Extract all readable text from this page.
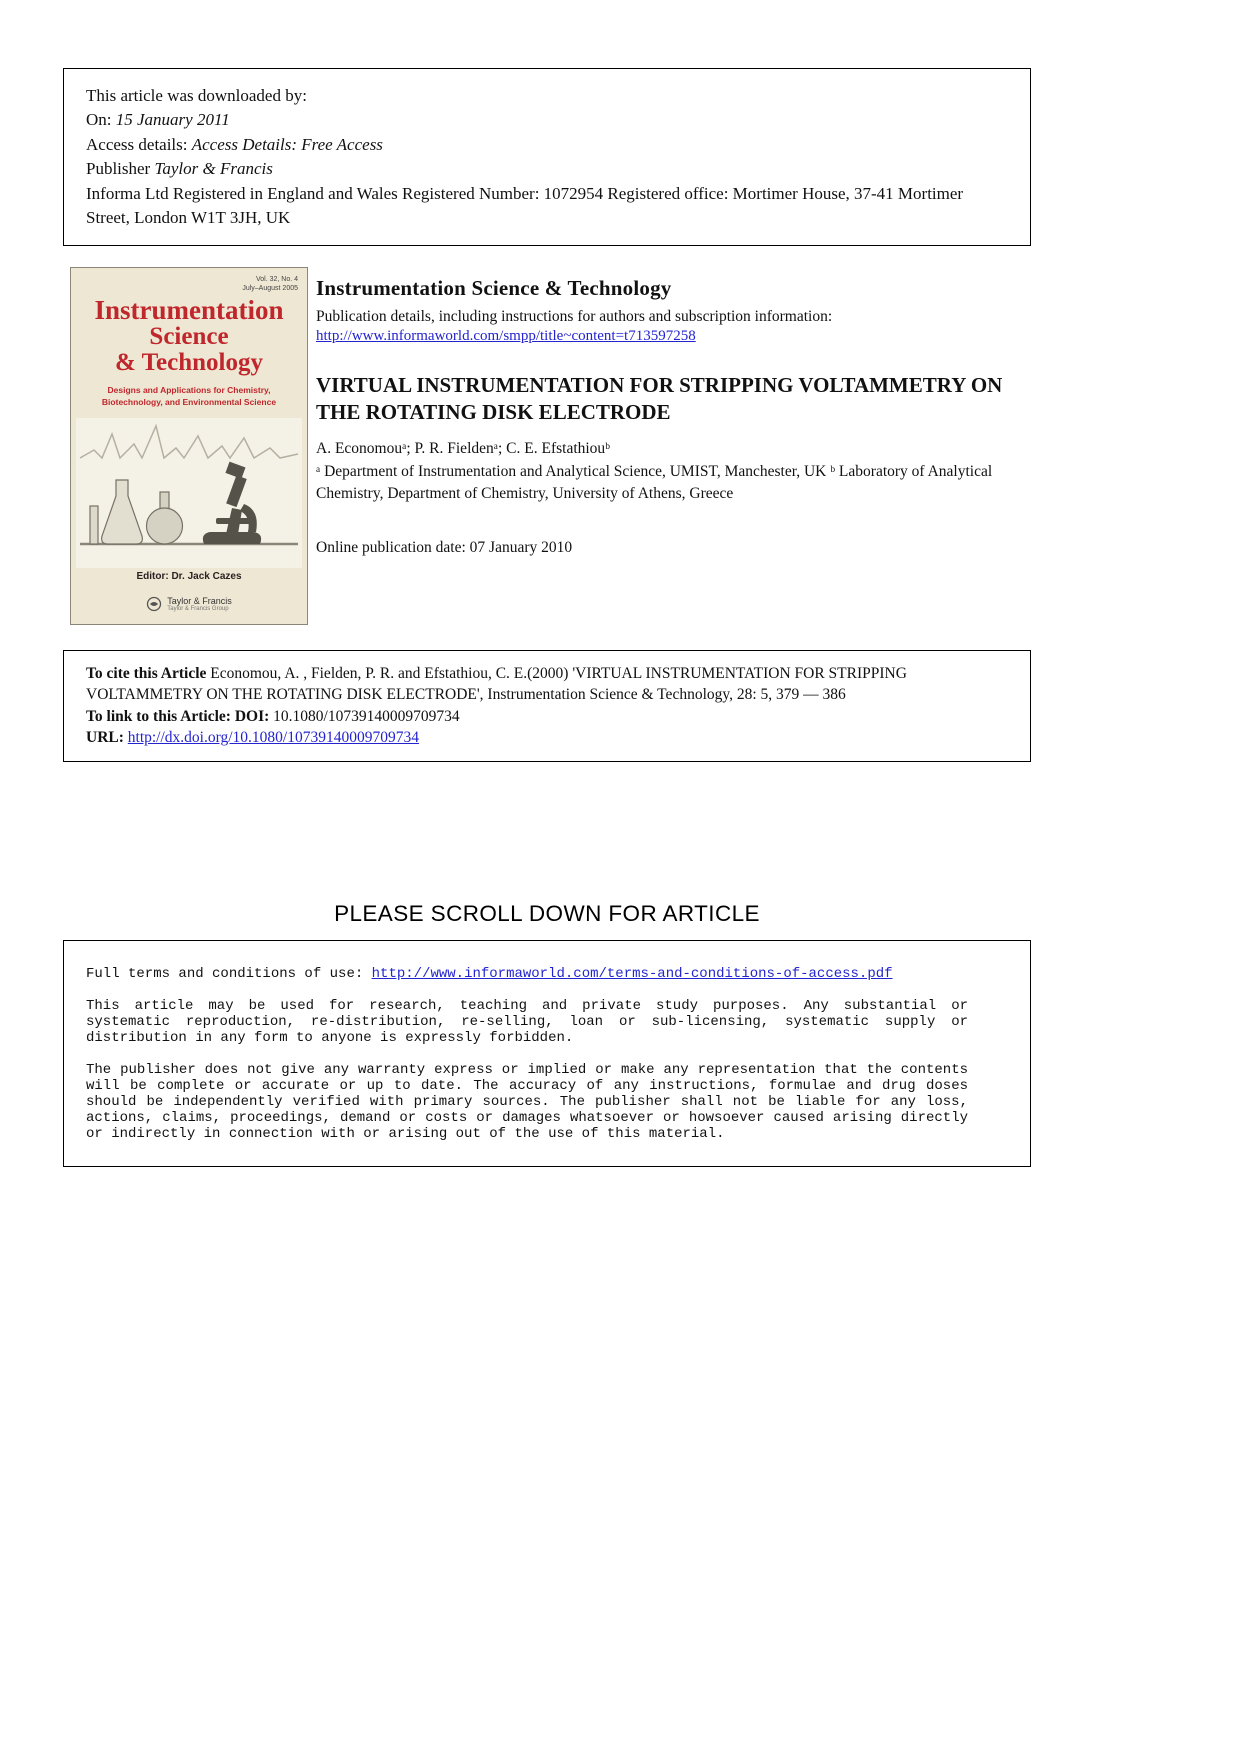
This article was downloaded by:

On: 15 January 2011

Access details: Access Details: Free Access

Publisher Taylor & Francis

Informa Ltd Registered in England and Wales Registered Number: 1072954 Registered office: Mortimer House, 37-41 Mortimer Street, London W1T 3JH, UK

Vol. 32, No. 4
July–August 2005
Instrumentation
Science
& Technology
Designs and Applications for Chemistry,
Biotechnology, and Environmental Science
Editor: Dr. Jack Cazes
Taylor & Francis
Taylor & Francis Group
Instrumentation Science & Technology

Publication details, including instructions for authors and subscription information:

http://www.informaworld.com/smpp/title~content=t713597258

VIRTUAL INSTRUMENTATION FOR STRIPPING VOLTAMMETRY ON THE ROTATING DISK ELECTRODE

A. Economouᵃ; P. R. Fieldenᵃ; C. E. Efstathiouᵇ

ᵃ Department of Instrumentation and Analytical Science, UMIST, Manchester, UK ᵇ Laboratory of Analytical Chemistry, Department of Chemistry, University of Athens, Greece

Online publication date: 07 January 2010

To cite this Article Economou, A. , Fielden, P. R. and Efstathiou, C. E.(2000) 'VIRTUAL INSTRUMENTATION FOR STRIPPING VOLTAMMETRY ON THE ROTATING DISK ELECTRODE', Instrumentation Science & Technology, 28: 5, 379 — 386

To link to this Article: DOI: 10.1080/10739140009709734

URL: http://dx.doi.org/10.1080/10739140009709734

PLEASE SCROLL DOWN FOR ARTICLE

Full terms and conditions of use: http://www.informaworld.com/terms-and-conditions-of-access.pdf

This article may be used for research, teaching and private study purposes. Any substantial or systematic reproduction, re-distribution, re-selling, loan or sub-licensing, systematic supply or distribution in any form to anyone is expressly forbidden.

The publisher does not give any warranty express or implied or make any representation that the contents will be complete or accurate or up to date. The accuracy of any instructions, formulae and drug doses should be independently verified with primary sources. The publisher shall not be liable for any loss, actions, claims, proceedings, demand or costs or damages whatsoever or howsoever caused arising directly or indirectly in connection with or arising out of the use of this material.
